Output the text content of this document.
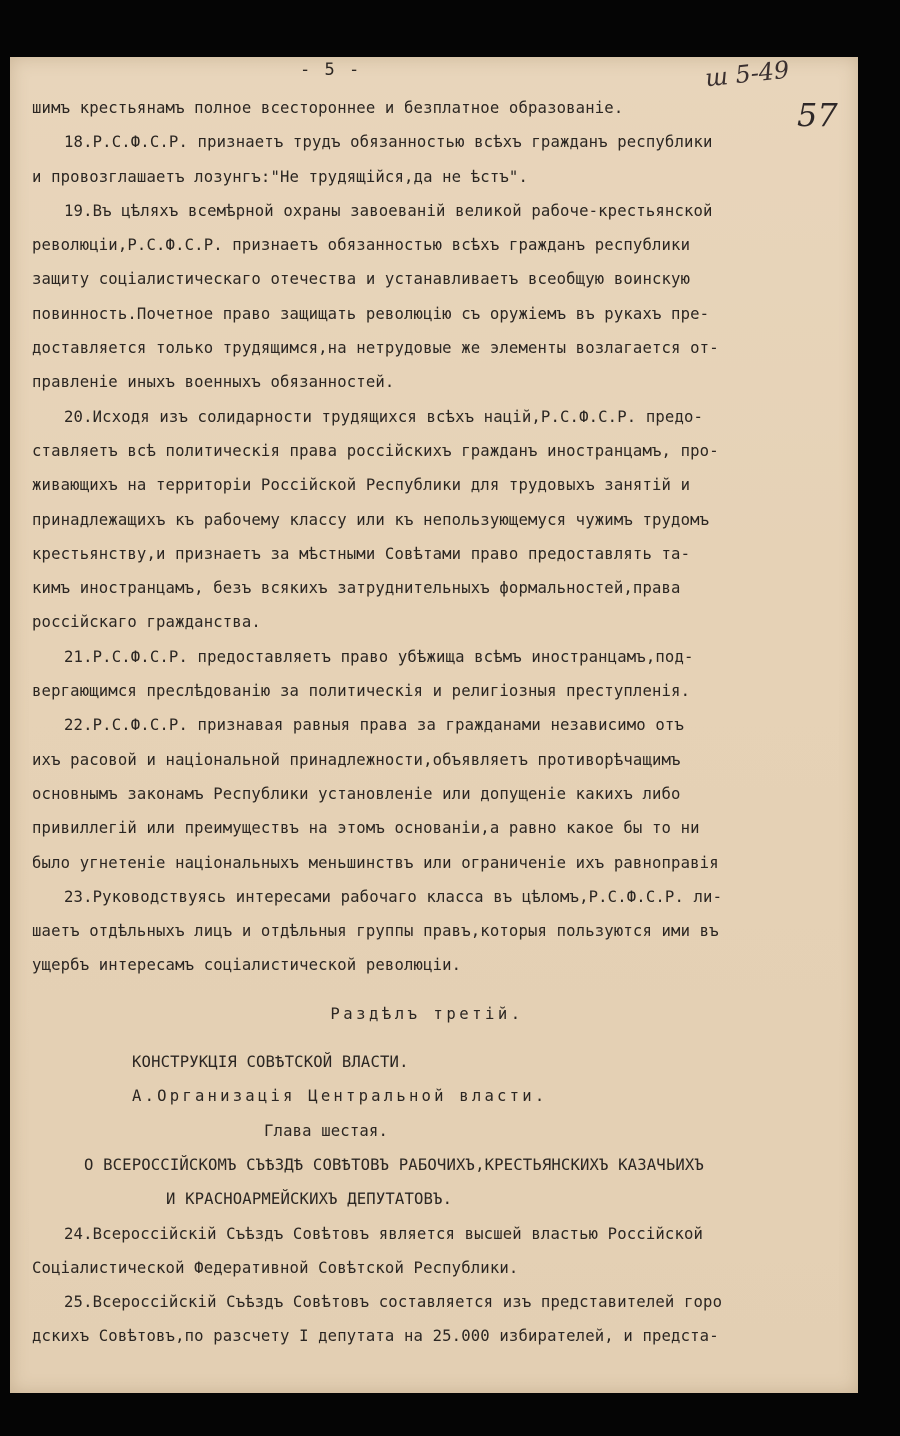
- 5 -
шимъ крестьянамъ полное всестороннее и безплатное образованіе.
18.Р.С.Ф.С.Р. признаетъ трудъ обязанностью всѣхъ гражданъ республики
и провозглашаетъ лозунгъ:"Не трудящійся,да не ѣстъ".
19.Въ цѣляхъ всемѣрной охраны завоеванiй великой рабоче-крестьянской
революціи,Р.С.Ф.С.Р. признаетъ обязанностью всѣхъ гражданъ республики
защиту соціалистическаго отечества и устанавливаетъ всеобщую воинскую
повинность.Почетное право защищать революцію съ оружіемъ въ рукахъ пре-
доставляется только трудящимся,на нетрудовые же элементы возлагается от-
правленіе иныхъ военныхъ обязанностей.
20.Исходя изъ солидарности трудящихся всѣхъ націй,Р.С.Ф.С.Р. предо-
ставляетъ всѣ политическія права россійскихъ гражданъ иностранцамъ, про-
живающихъ на территоріи Россійской Республики для трудовыхъ занятій и
принадлежащихъ къ рабочему классу или къ непользующемуся чужимъ трудомъ
крестьянству,и признаетъ за мѣстными Совѣтами право предоставлять та-
кимъ иностранцамъ, безъ всякихъ затруднительныхъ формальностей,права
россійскаго гражданства.
21.Р.С.Ф.С.Р. предоставляетъ право убѣжища всѣмъ иностранцамъ,под-
вергающимся преслѣдованію за политическія и религіозныя преступленія.
22.Р.С.Ф.С.Р. признавая равныя права за гражданами независимо отъ
ихъ расовой и національной принадлежности,объявляетъ противорѣчащимъ
основнымъ законамъ Республики установленіе или допущеніе какихъ либо
привиллегій или преимуществъ на этомъ основаніи,а равно какое бы то ни
было угнетеніе національныхъ меньшинствъ или ограниченіе ихъ равноправія
23.Руководствуясь интересами рабочаго класса въ цѣломъ,Р.С.Ф.С.Р. ли-
шаетъ отдѣльныхъ лицъ и отдѣльныя группы правъ,которыя пользуются ими въ
ущербъ интересамъ соціалистической революціи.
Раздѣлъ третій.
КОНСТРУКЦІЯ СОВѢТСКОЙ ВЛАСТИ.
А.Организація Центральной власти.
Глава шестая.
О ВСЕРОССІЙСКОМЪ СЪѢЗДѢ СОВѢТОВЪ РАБОЧИХЪ,КРЕСТЬЯНСКИХЪ КАЗАЧЬИХЪ
И КРАСНОАРМЕЙСКИХЪ ДЕПУТАТОВЪ.
24.Всероссійскій Съѣздъ Совѣтовъ является высшей властью Россійской
Соціалистической Федеративной Совѣтской Республики.
25.Всероссійскій Съѣздъ Совѣтовъ составляется изъ представителей горо
дскихъ Совѣтовъ,по разсчету I депутата на 25.000 избирателей, и предста-
ш 5-49
57
